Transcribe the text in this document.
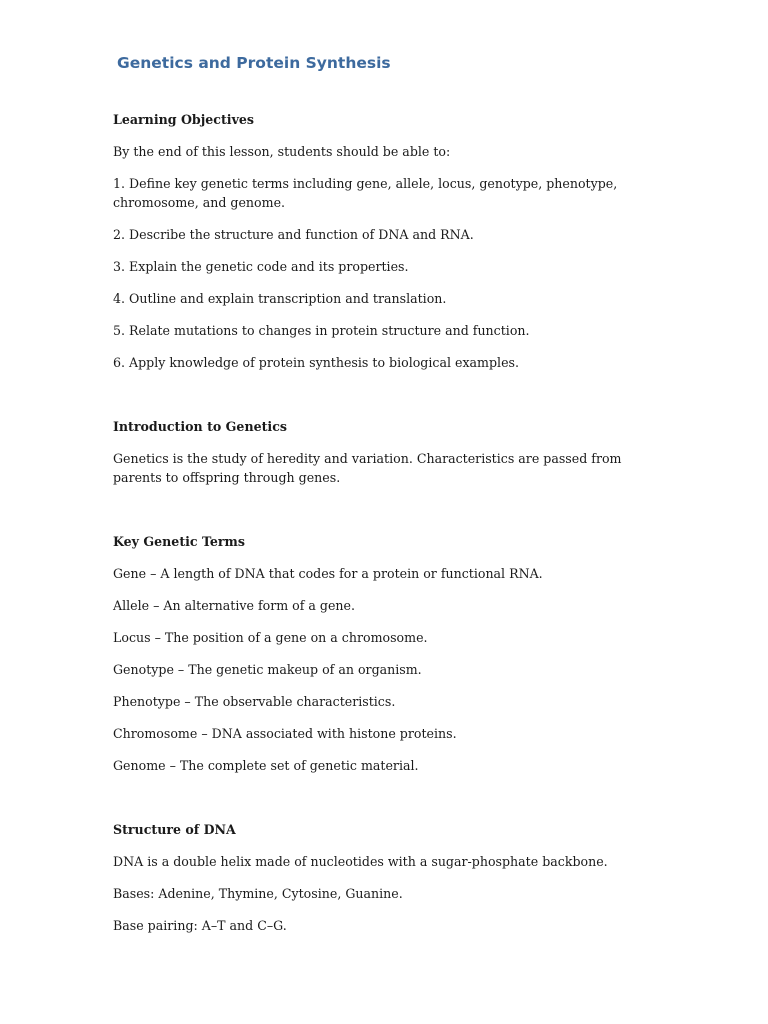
Genetics and Protein Synthesis

Learning Objectives

By the end of this lesson, students should be able to:

1. Define key genetic terms including gene, allele, locus, genotype, phenotype, chromosome, and genome.

2. Describe the structure and function of DNA and RNA.

3. Explain the genetic code and its properties.

4. Outline and explain transcription and translation.

5. Relate mutations to changes in protein structure and function.

6. Apply knowledge of protein synthesis to biological examples.

Introduction to Genetics

Genetics is the study of heredity and variation. Characteristics are passed from parents to offspring through genes.

Key Genetic Terms

Gene – A length of DNA that codes for a protein or functional RNA.

Allele – An alternative form of a gene.

Locus – The position of a gene on a chromosome.

Genotype – The genetic makeup of an organism.

Phenotype – The observable characteristics.

Chromosome – DNA associated with histone proteins.

Genome – The complete set of genetic material.

Structure of DNA

DNA is a double helix made of nucleotides with a sugar-phosphate backbone.

Bases: Adenine, Thymine, Cytosine, Guanine.

Base pairing: A–T and C–G.
